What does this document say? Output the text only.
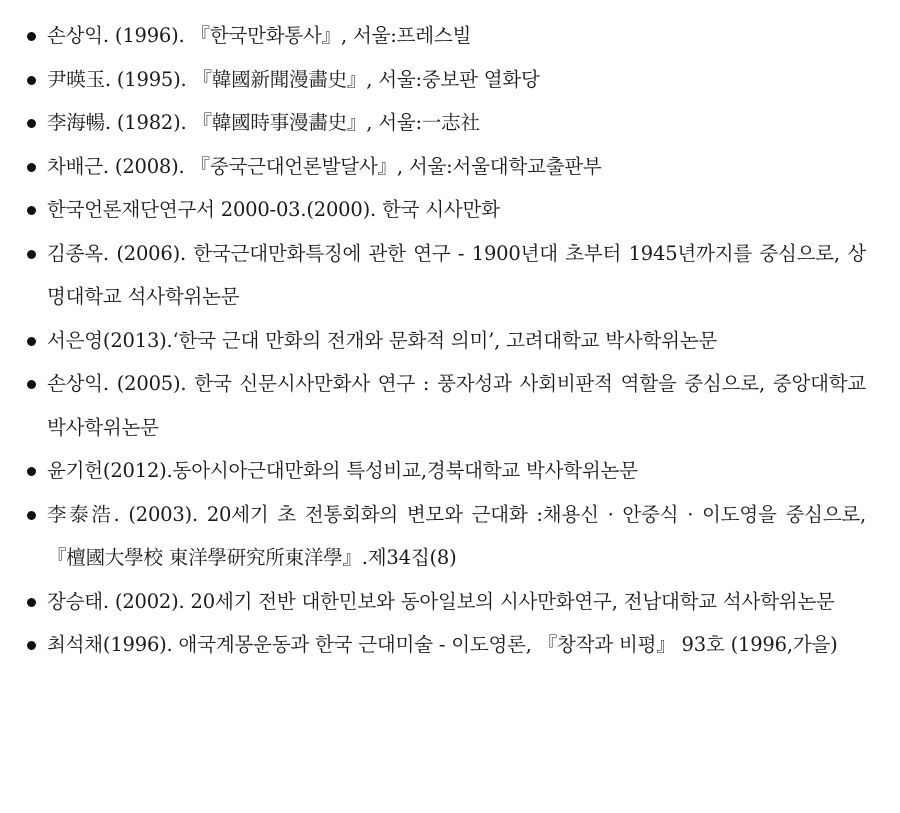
손상익. (1996). 『한국만화통사』, 서울:프레스빌
尹暎玉. (1995). 『韓國新聞漫畵史』, 서울:중보판 열화당
李海暢. (1982). 『韓國時事漫畵史』, 서울:一志社
차배근. (2008). 『중국근대언론발달사』, 서울:서울대학교출판부
한국언론재단연구서 2000-03.(2000). 한국 시사만화
김종옥. (2006). 한국근대만화특징에 관한 연구 - 1900년대 초부터 1945년까지를 중심으로, 상명대학교 석사학위논문
서은영(2013).‘한국 근대 만화의 전개와 문화적 의미’, 고려대학교 박사학위논문
손상익. (2005). 한국 신문시사만화사 연구 : 풍자성과 사회비판적 역할을 중심으로, 중앙대학교 박사학위논문
윤기헌(2012).동아시아근대만화의 특성비교,경북대학교 박사학위논문
李泰浩. (2003). 20세기 초 전통회화의 변모와 근대화 :채용신 · 안중식 · 이도영을 중심으로, 『檀國大學校 東洋學研究所東洋學』.제34집(8)
장승태. (2002). 20세기 전반 대한민보와 동아일보의 시사만화연구, 전남대학교 석사학위논문
최석채(1996). 애국계몽운동과 한국 근대미술 - 이도영론, 『창작과 비평』 93호 (1996,가을)
